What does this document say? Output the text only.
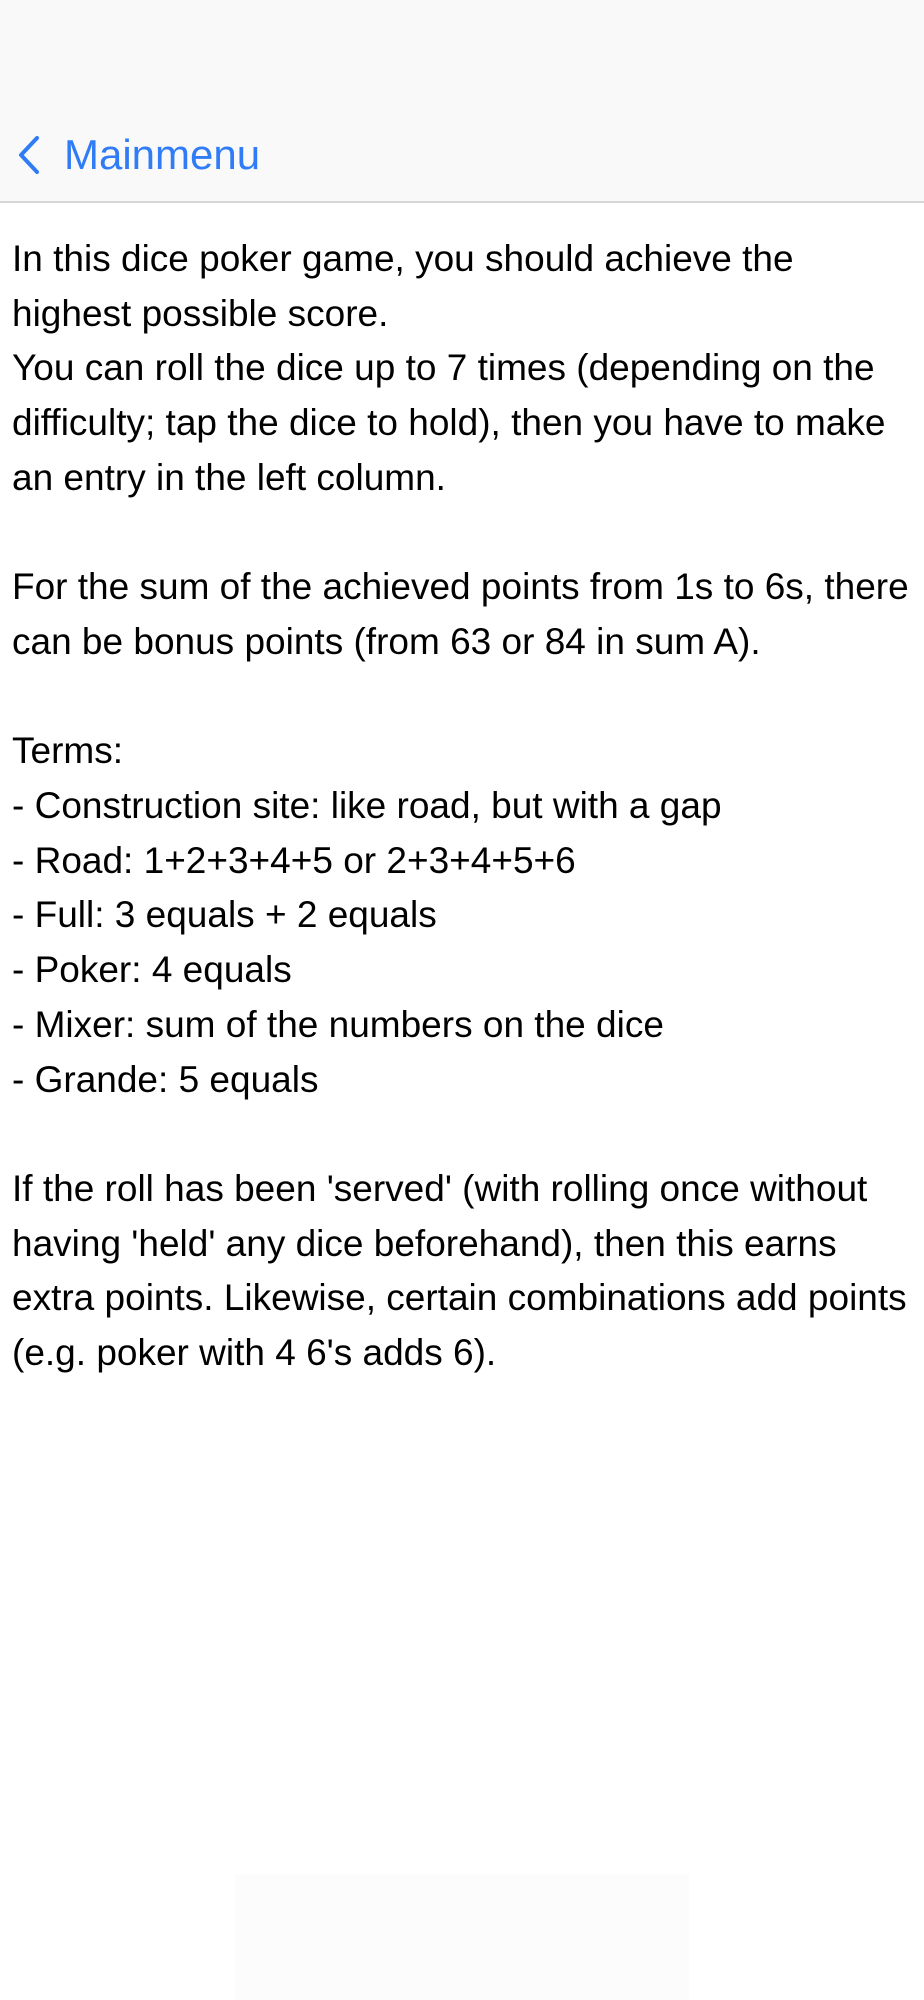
Mainmenu

In this dice poker game, you should achieve the highest possible score.

You can roll the dice up to 7 times (depending on the difficulty; tap the dice to hold), then you have to make an entry in the left column.

For the sum of the achieved points from 1s to 6s, there can be bonus points (from 63 or 84 in sum A).

Terms:

- Construction site: like road, but with a gap

- Road: 1+2+3+4+5 or 2+3+4+5+6

- Full: 3 equals + 2 equals

- Poker: 4 equals

- Mixer: sum of the numbers on the dice

- Grande: 5 equals

If the roll has been 'served' (with rolling once without having 'held' any dice beforehand), then this earns extra points. Likewise, certain combinations add points (e.g. poker with 4 6's adds 6).
